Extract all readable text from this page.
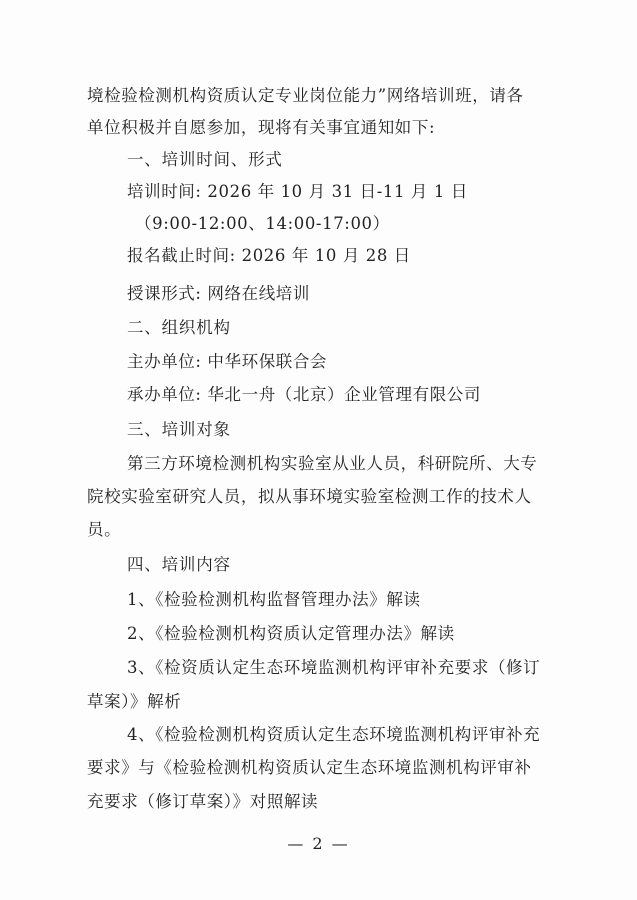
境检验检测机构资质认定专业岗位能力”网络培训班，请各
单位积极并自愿参加，现将有关事宜通知如下:
一、培训时间、形式
培训时间: 2026 年 10 月 31 日-11 月 1 日
（9:00-12:00、14:00-17:00）
报名截止时间: 2026 年 10 月 28 日
授课形式: 网络在线培训
二、组织机构
主办单位: 中华环保联合会
承办单位: 华北一舟（北京）企业管理有限公司
三、培训对象
第三方环境检测机构实验室从业人员，科研院所、大专
院校实验室研究人员，拟从事环境实验室检测工作的技术人
员。
四、培训内容
1、《检验检测机构监督管理办法》解读
2、《检验检测机构资质认定管理办法》解读
3、《检资质认定生态环境监测机构评审补充要求（修订
草案）》解析
4、《检验检测机构资质认定生态环境监测机构评审补充
要求》与《检验检测机构资质认定生态环境监测机构评审补
充要求（修订草案）》对照解读
— 2 —
